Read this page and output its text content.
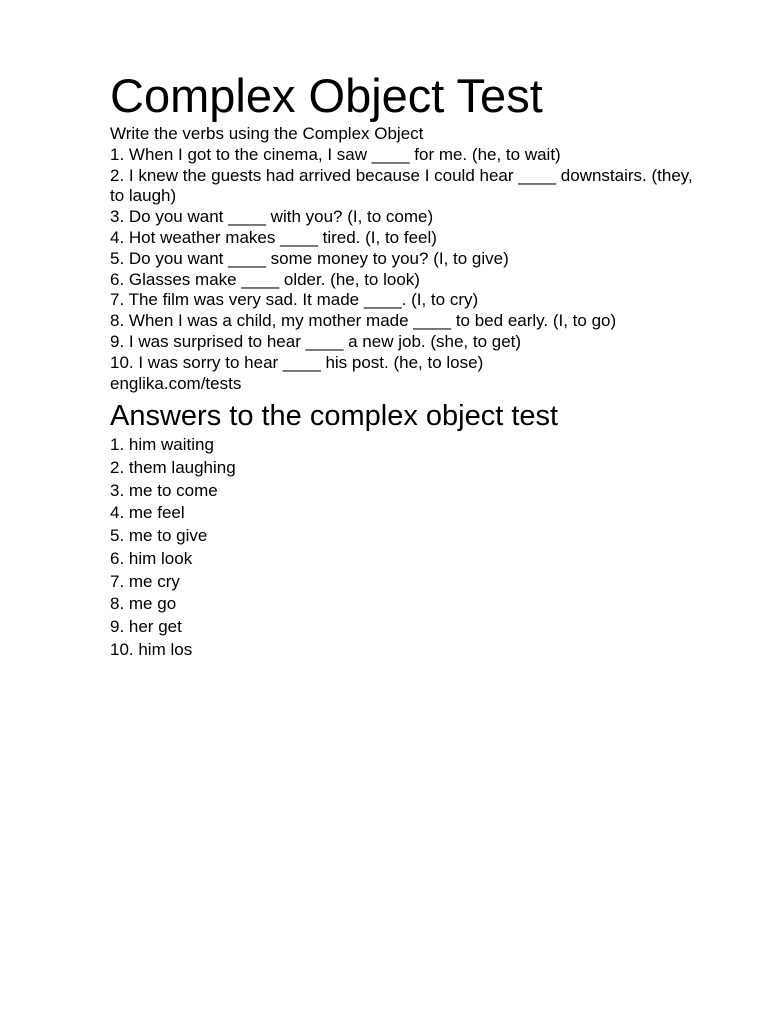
Complex Object Test
Write the verbs using the Complex Object
1. When I got to the cinema, I saw ____ for me. (he, to wait)
2. I knew the guests had arrived because I could hear ____ downstairs. (they, to laugh)
3. Do you want ____ with you? (I, to come)
4. Hot weather makes ____ tired. (I, to feel)
5. Do you want ____ some money to you? (I, to give)
6. Glasses make ____ older. (he, to look)
7. The film was very sad. It made ____. (I, to cry)
8. When I was a child, my mother made ____ to bed early. (I, to go)
9. I was surprised to hear ____ a new job. (she, to get)
10. I was sorry to hear ____ his post. (he, to lose)
englika.com/tests
Answers to the complex object test
1. him waiting
2. them laughing
3. me to come
4. me feel
5. me to give
6. him look
7. me cry
8. me go
9. her get
10. him los
